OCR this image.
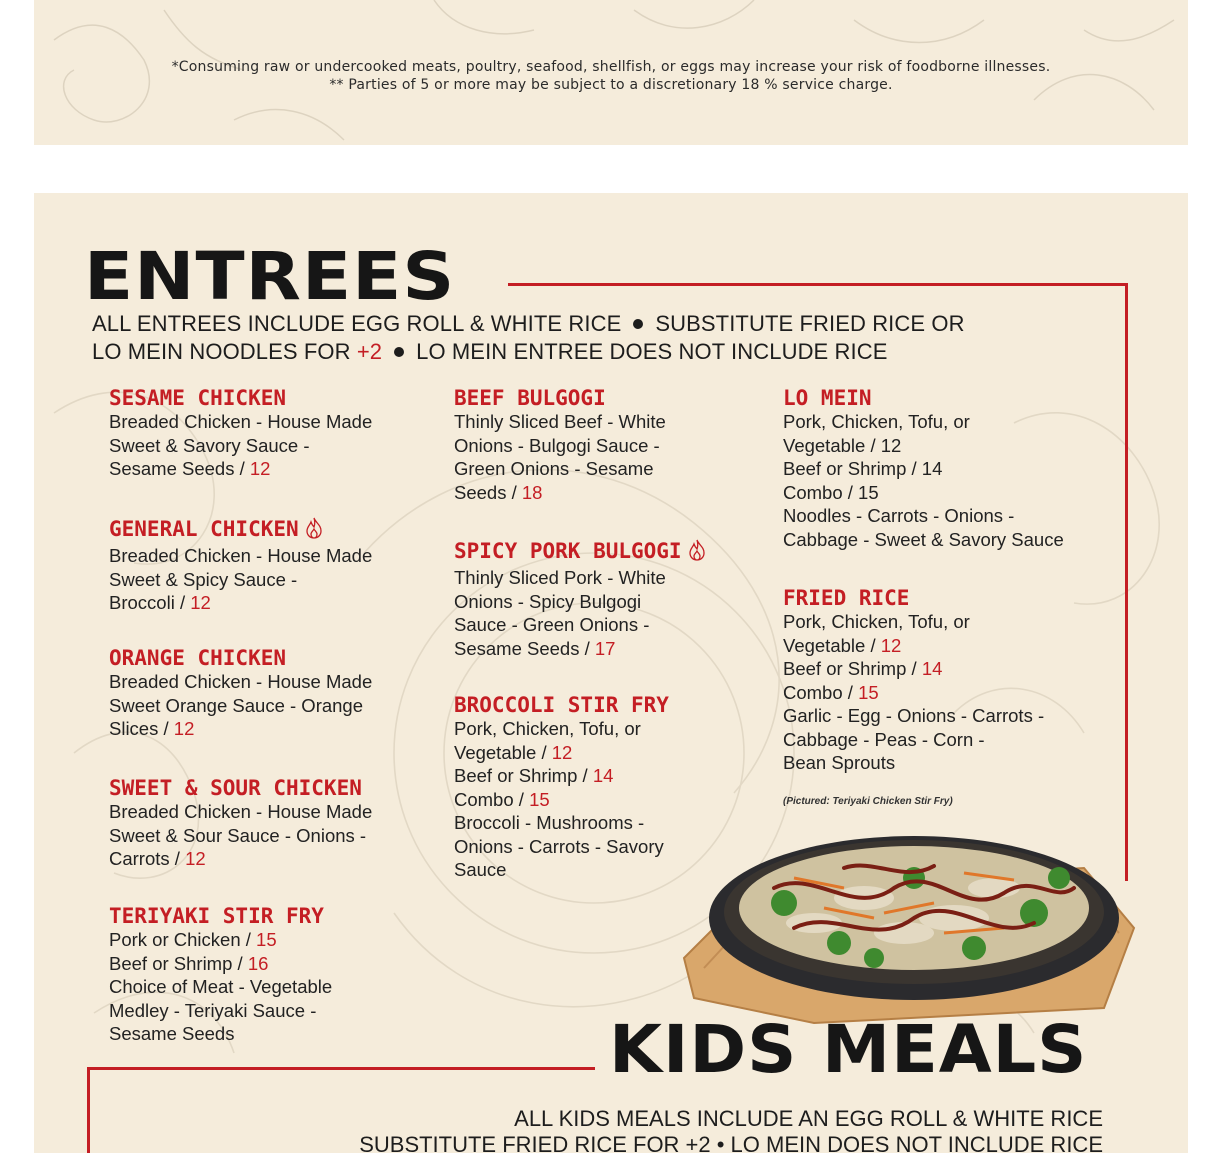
*Consuming raw or undercooked meats, poultry, seafood, shellfish, or eggs may increase your risk of foodborne illnesses.
** Parties of 5 or more may be subject to a discretionary 18 % service charge.
ENTREES
ALL ENTREES INCLUDE EGG ROLL & WHITE RICE SUBSTITUTE FRIED RICE OR
LO MEIN NOODLES FOR +2 LO MEIN ENTREE DOES NOT INCLUDE RICE
SESAME CHICKEN

Breaded Chicken - House Made
Sweet & Savory Sauce -
Sesame Seeds / 12

GENERAL CHICKEN

Breaded Chicken - House Made
Sweet & Spicy Sauce -
Broccoli / 12

ORANGE CHICKEN

Breaded Chicken - House Made
Sweet Orange Sauce - Orange
Slices / 12

SWEET & SOUR CHICKEN

Breaded Chicken - House Made
Sweet & Sour Sauce - Onions -
Carrots / 12

TERIYAKI STIR FRY

Pork or Chicken / 15
Beef or Shrimp / 16
Choice of Meat - Vegetable
Medley - Teriyaki Sauce -
Sesame Seeds

BEEF BULGOGI

Thinly Sliced Beef - White
Onions - Bulgogi Sauce -
Green Onions - Sesame
Seeds / 18

SPICY PORK BULGOGI

Thinly Sliced Pork - White
Onions - Spicy Bulgogi
Sauce - Green Onions -
Sesame Seeds / 17

BROCCOLI STIR FRY

Pork, Chicken, Tofu, or
Vegetable / 12
Beef or Shrimp / 14
Combo / 15
Broccoli - Mushrooms -
Onions - Carrots - Savory
Sauce

LO MEIN

Pork, Chicken, Tofu, or
Vegetable / 12
Beef or Shrimp / 14
Combo / 15
Noodles - Carrots - Onions -
Cabbage - Sweet & Savory Sauce

FRIED RICE

Pork, Chicken, Tofu, or
Vegetable / 12
Beef or Shrimp / 14
Combo / 15
Garlic - Egg - Onions - Carrots -
Cabbage - Peas - Corn -
Bean Sprouts

(Pictured: Teriyaki Chicken Stir Fry)
KIDS MEALS
ALL KIDS MEALS INCLUDE AN EGG ROLL & WHITE RICE
SUBSTITUTE FRIED RICE FOR +2 • LO MEIN DOES NOT INCLUDE RICE
